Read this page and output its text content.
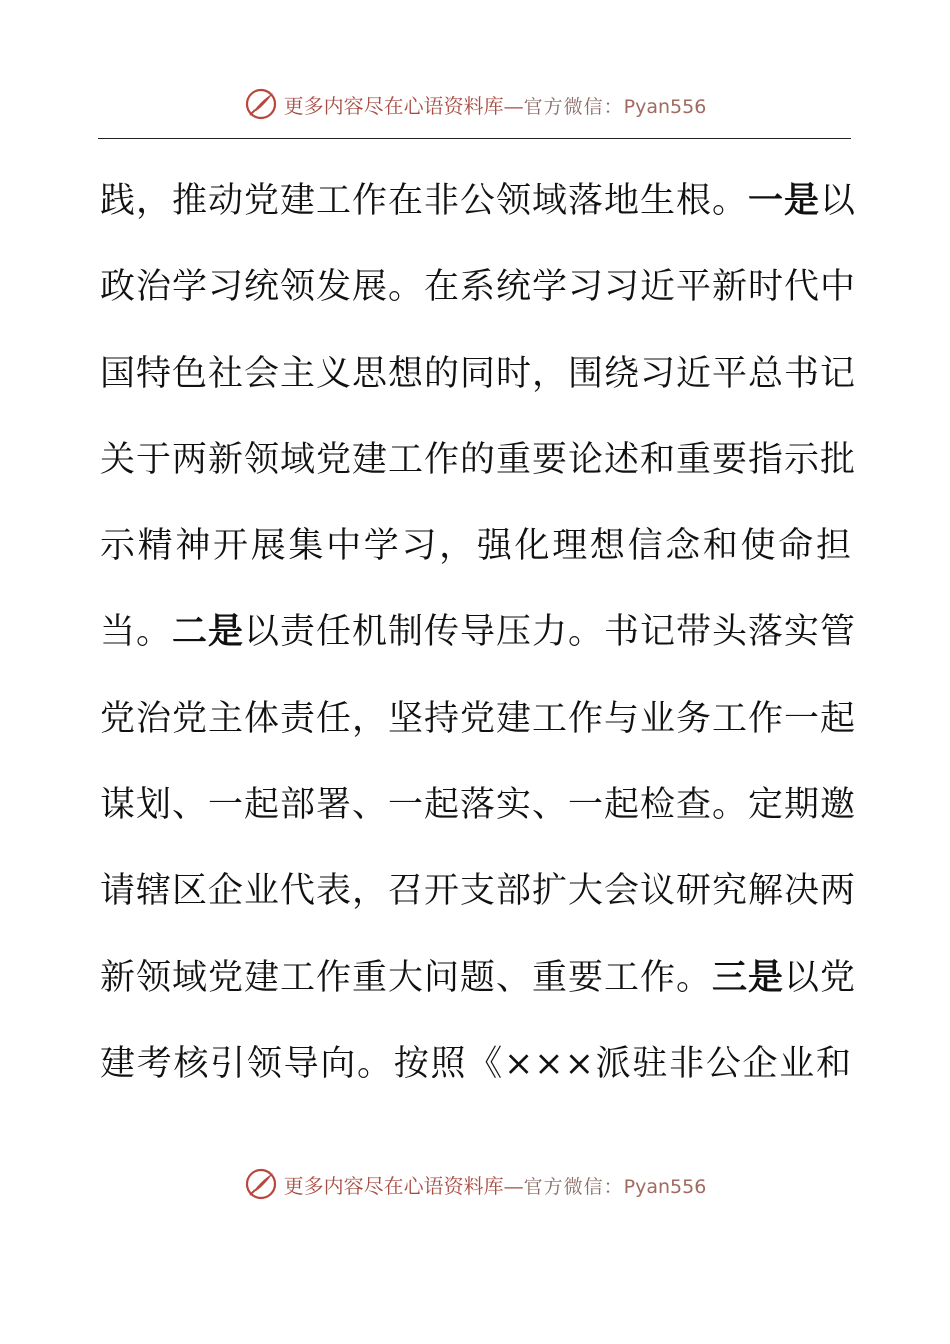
更多内容尽在心语资料库—官方微信：Pyan556
践，推动党建工作在非公领域落地生根。一是以
政治学习统领发展。在系统学习习近平新时代中
国特色社会主义思想的同时，围绕习近平总书记
关于两新领域党建工作的重要论述和重要指示批
示精神开展集中学习，强化理想信念和使命担
当。二是以责任机制传导压力。书记带头落实管
党治党主体责任，坚持党建工作与业务工作一起
谋划、一起部署、一起落实、一起检查。定期邀
请辖区企业代表，召开支部扩大会议研究解决两
新领域党建工作重大问题、重要工作。三是以党
建考核引领导向。按照《×××派驻非公企业和
更多内容尽在心语资料库—官方微信：Pyan556
